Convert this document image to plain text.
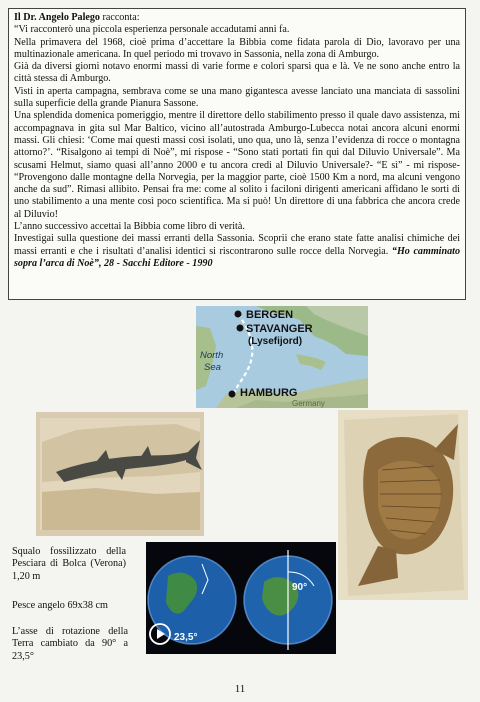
Il Dr. Angelo Palego racconta:

“Vi racconterò una piccola esperienza personale accadutami anni fa.

Nella primavera del 1968, cioè prima d’accettare la Bibbia come fidata parola di Dio, lavoravo per una multinazionale americana. In quel periodo mi trovavo in Sassonia, nella zona di Amburgo.

Già da diversi giorni notavo enormi massi di varie forme e colori sparsi qua e là. Ve ne sono anche entro la città stessa di Amburgo.

Visti in aperta campagna, sembrava come se una mano gigantesca avesse lanciato una manciata di sassolini sulla superficie della grande Pianura Sassone.

Una splendida domenica pomeriggio, mentre il direttore dello stabilimento presso il quale davo assistenza, mi accompagnava in gita sul Mar Baltico, vicino all’autostrada Amburgo-Lubecca notai ancora alcuni enormi massi. Gli chiesi: ‘Come mai questi massi così isolati, uno qua, uno là, senza l’evidenza di rocce o montagna attorno?’. “Risalgono ai tempi di Noè”, mi rispose - “Sono stati portati fin qui dal Diluvio Universale”. Ma scusami Helmut, siamo quasi all’anno 2000 e tu ancora credi al Diluvio Universale?- “E sì” - mi rispose- “Provengono dalle montagne della Norvegia, per la maggior parte, cioè 1500 Km a nord, ma alcuni vengono anche da sud”. Rimasi allibito. Pensai fra me: come al solito i faciloni dirigenti americani affidano le sorti di uno stabilimento a una mente così poco scientifica. Ma si può! Un direttore di una fabbrica che ancora crede al Diluvio!

L’anno successivo accettai la Bibbia come libro di verità.

Investigai sulla questione dei massi erranti della Sassonia. Scoprii che erano state fatte analisi chimiche dei massi erranti e che i risultati d’analisi identici si riscontrarono sulle rocce della Norvegia. “Ho camminato sopra l’arca di Noè”, 28 - Sacchi Editore - 1990

BERGEN
STAVANGER
(Lysefijord)
North
Sea
HAMBURG
Germany
23,5°
90°
Squalo fossilizzato della Pesciara di Bolca (Verona) 1,20 m
Pesce angelo 69x38 cm
L’asse di rotazione della Terra cambiato da 90° a 23,5°
11
